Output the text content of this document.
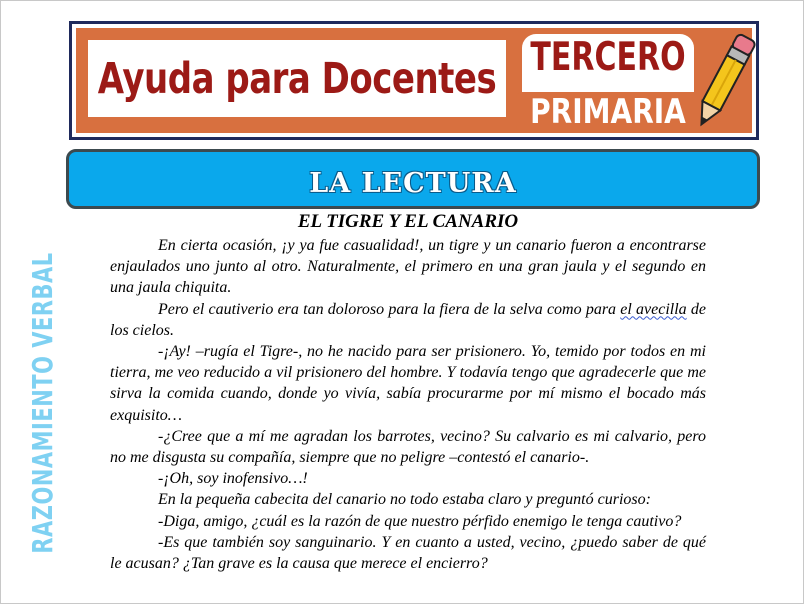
Ayuda para Docentes	TERCERO
PRIMARIA
LA LECTURA
RAZONAMIENTO VERBAL
EL TIGRE Y EL CANARIO

En cierta ocasión, ¡y ya fue casualidad!, un tigre y un canario fueron a encontrarse enjaulados uno junto al otro. Naturalmente, el primero en una gran jaula y el segundo en una jaula chiquita.

Pero el cautiverio era tan doloroso para la fiera de la selva como para el avecilla de los cielos.

-¡Ay! –rugía el Tigre-, no he nacido para ser prisionero. Yo, temido por todos en mi tierra, me veo reducido a vil prisionero del hombre. Y todavía tengo que agradecerle que me sirva la comida cuando, donde yo vivía, sabía procurarme por mí mismo el bocado más exquisito…

-¿Cree que a mí me agradan los barrotes, vecino? Su calvario es mi calvario, pero no me disgusta su compañía, siempre que no peligre –contestó el canario-.

-¡Oh, soy inofensivo…!

En la pequeña cabecita del canario no todo estaba claro y preguntó curioso:

-Diga, amigo, ¿cuál es la razón de que nuestro pérfido enemigo le tenga cautivo?

-Es que también soy sanguinario. Y en cuanto a usted, vecino, ¿puedo saber de qué le acusan? ¿Tan grave es la causa que merece el encierro?
